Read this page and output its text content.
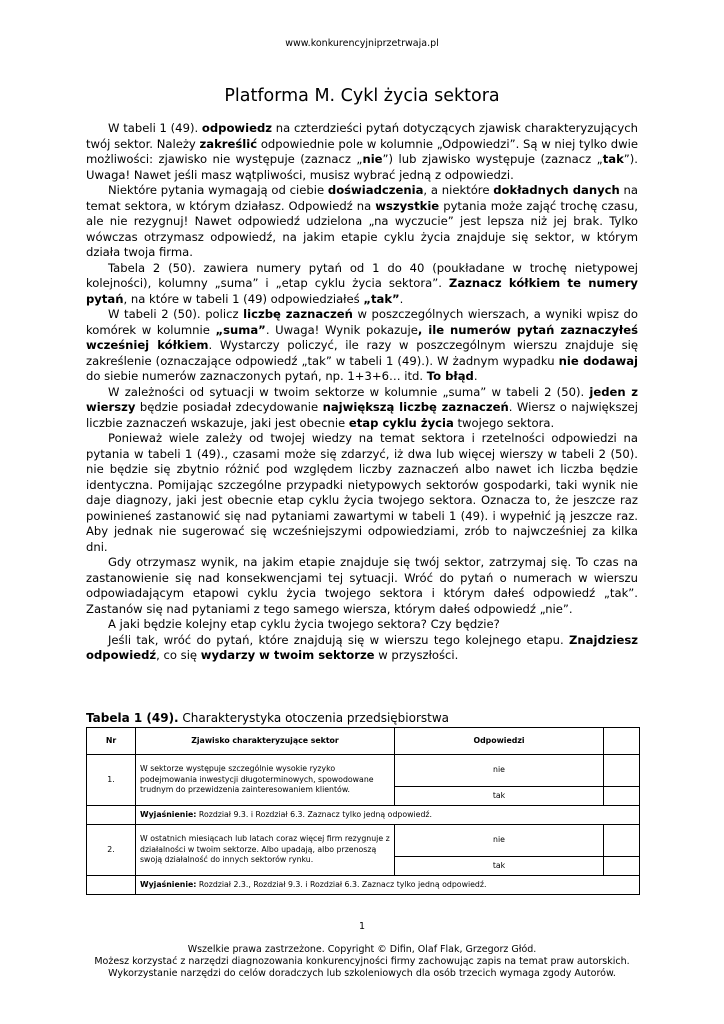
www.konkurencyjniprzetrwaja.pl
Platforma M. Cykl życia sektora

W tabeli 1 (49). odpowiedz na czterdzieści pytań dotyczących zjawisk charakteryzujących twój sektor. Należy zakreślić odpowiednie pole w kolumnie „Odpowiedzi”. Są w niej tylko dwie możliwości: zjawisko nie występuje (zaznacz „nie”) lub zjawisko występuje (zaznacz „tak”). Uwaga! Nawet jeśli masz wątpliwości, musisz wybrać jedną z odpowiedzi.

Niektóre pytania wymagają od ciebie doświadczenia, a niektóre dokładnych danych na temat sektora, w którym działasz. Odpowiedź na wszystkie pytania może zająć trochę czasu, ale nie rezygnuj! Nawet odpowiedź udzielona „na wyczucie” jest lepsza niż jej brak. Tylko wówczas otrzymasz odpowiedź, na jakim etapie cyklu życia znajduje się sektor, w którym działa twoja firma.

Tabela 2 (50). zawiera numery pytań od 1 do 40 (poukładane w trochę nietypowej kolejności), kolumny „suma” i „etap cyklu życia sektora”. Zaznacz kółkiem te numery pytań, na które w tabeli 1 (49) odpowiedziałeś „tak”.

W tabeli 2 (50). policz liczbę zaznaczeń w poszczególnych wierszach, a wyniki wpisz do komórek w kolumnie „suma”. Uwaga! Wynik pokazuje, ile numerów pytań zaznaczyłeś wcześniej kółkiem. Wystarczy policzyć, ile razy w poszczególnym wierszu znajduje się zakreślenie (oznaczające odpowiedź „tak” w tabeli 1 (49).). W żadnym wypadku nie dodawaj do siebie numerów zaznaczonych pytań, np. 1+3+6… itd. To błąd.

W zależności od sytuacji w twoim sektorze w kolumnie „suma” w tabeli 2 (50). jeden z wierszy będzie posiadał zdecydowanie największą liczbę zaznaczeń. Wiersz o największej liczbie zaznaczeń wskazuje, jaki jest obecnie etap cyklu życia twojego sektora.

Ponieważ wiele zależy od twojej wiedzy na temat sektora i rzetelności odpowiedzi na pytania w tabeli 1 (49)., czasami może się zdarzyć, iż dwa lub więcej wierszy w tabeli 2 (50). nie będzie się zbytnio różnić pod względem liczby zaznaczeń albo nawet ich liczba będzie identyczna. Pomijając szczególne przypadki nietypowych sektorów gospodarki, taki wynik nie daje diagnozy, jaki jest obecnie etap cyklu życia twojego sektora. Oznacza to, że jeszcze raz powinieneś zastanowić się nad pytaniami zawartymi w tabeli 1 (49). i wypełnić ją jeszcze raz. Aby jednak nie sugerować się wcześniejszymi odpowiedziami, zrób to najwcześniej za kilka dni.

Gdy otrzymasz wynik, na jakim etapie znajduje się twój sektor, zatrzymaj się. To czas na zastanowienie się nad konsekwencjami tej sytuacji. Wróć do pytań o numerach w wierszu odpowiadającym etapowi cyklu życia twojego sektora i którym dałeś odpowiedź „tak”. Zastanów się nad pytaniami z tego samego wiersza, którym dałeś odpowiedź „nie”.

A jaki będzie kolejny etap cyklu życia twojego sektora? Czy będzie?

Jeśli tak, wróć do pytań, które znajdują się w wierszu tego kolejnego etapu. Znajdziesz odpowiedź, co się wydarzy w twoim sektorze w przyszłości.

Tabela 1 (49). Charakterystyka otoczenia przedsiębiorstwa
Nr	Zjawisko charakteryzujące sektor	Odpowiedzi	
1.	W sektorze występuje szczególnie wysokie ryzyko podejmowania inwestycji długoterminowych, spowodowane trudnym do przewidzenia zainteresowaniem klientów.	nie	
		tak	
	Wyjaśnienie: Rozdział 9.3. i Rozdział 6.3. Zaznacz tylko jedną odpowiedź.		
2.	W ostatnich miesiącach lub latach coraz więcej firm rezygnuje z działalności w twoim sektorze. Albo upadają, albo przenoszą swoją działalność do innych sektorów rynku.	nie	
		tak	
	Wyjaśnienie: Rozdział 2.3., Rozdział 9.3. i Rozdział 6.3. Zaznacz tylko jedną odpowiedź.		
1
Wszelkie prawa zastrzeżone. Copyright © Difin, Olaf Flak, Grzegorz Głód.
Możesz korzystać z narzędzi diagnozowania konkurencyjności firmy zachowując zapis na temat praw autorskich.
Wykorzystanie narzędzi do celów doradczych lub szkoleniowych dla osób trzecich wymaga zgody Autorów.
